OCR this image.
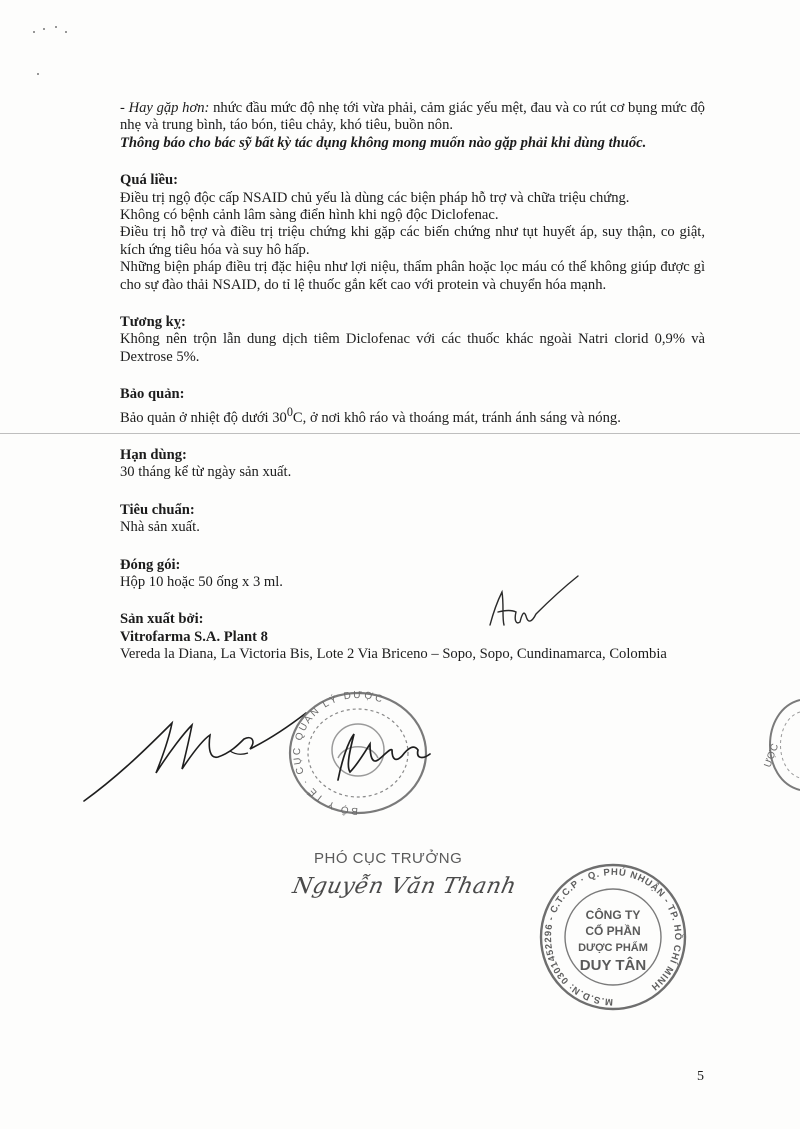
- Hay gặp hơn: nhức đầu mức độ nhẹ tới vừa phải, cảm giác yếu mệt, đau và co rút cơ bụng mức độ nhẹ và trung bình, táo bón, tiêu chảy, khó tiêu, buồn nôn.

Thông báo cho bác sỹ bất kỳ tác dụng không mong muốn nào gặp phải khi dùng thuốc.

Quá liều:

Điều trị ngộ độc cấp NSAID chủ yếu là dùng các biện pháp hỗ trợ và chữa triệu chứng.

Không có bệnh cảnh lâm sàng điển hình khi ngộ độc Diclofenac.

Điều trị hỗ trợ và điều trị triệu chứng khi gặp các biến chứng như tụt huyết áp, suy thận, co giật, kích ứng tiêu hóa và suy hô hấp.

Những biện pháp điều trị đặc hiệu như lợi niệu, thẩm phân hoặc lọc máu có thể không giúp được gì cho sự đào thải NSAID, do tỉ lệ thuốc gắn kết cao với protein và chuyển hóa mạnh.

Tương kỵ:

Không nên trộn lẫn dung dịch tiêm Diclofenac với các thuốc khác ngoài Natri clorid 0,9% và Dextrose 5%.

Bảo quản:

Bảo quản ở nhiệt độ dưới $30^0C$, ở nơi khô ráo và thoáng mát, tránh ánh sáng và nóng.

Hạn dùng:

30 tháng kể từ ngày sản xuất.

Tiêu chuẩn:

Nhà sản xuất.

Đóng gói:

Hộp 10 hoặc 50 ống x 3 ml.

Sản xuất bởi:

Vitrofarma S.A. Plant 8

Vereda la Diana, La Victoria Bis, Lote 2 Via Briceno – Sopo, Sopo, Cundinamarca, Colombia

BỘ Y TẾ · CỤC QUẢN LÝ DƯỢC
ƯỢC
PHÓ CỤC TRƯỞNG
Nguyễn Văn Thanh
M.S.D.N: 0301452296 - C.T.C.P · Q. PHÚ NHUẬN - TP. HỒ CHÍ MINH
CÔNG TY
CỔ PHẦN
DƯỢC PHẨM
DUY TÂN
5
